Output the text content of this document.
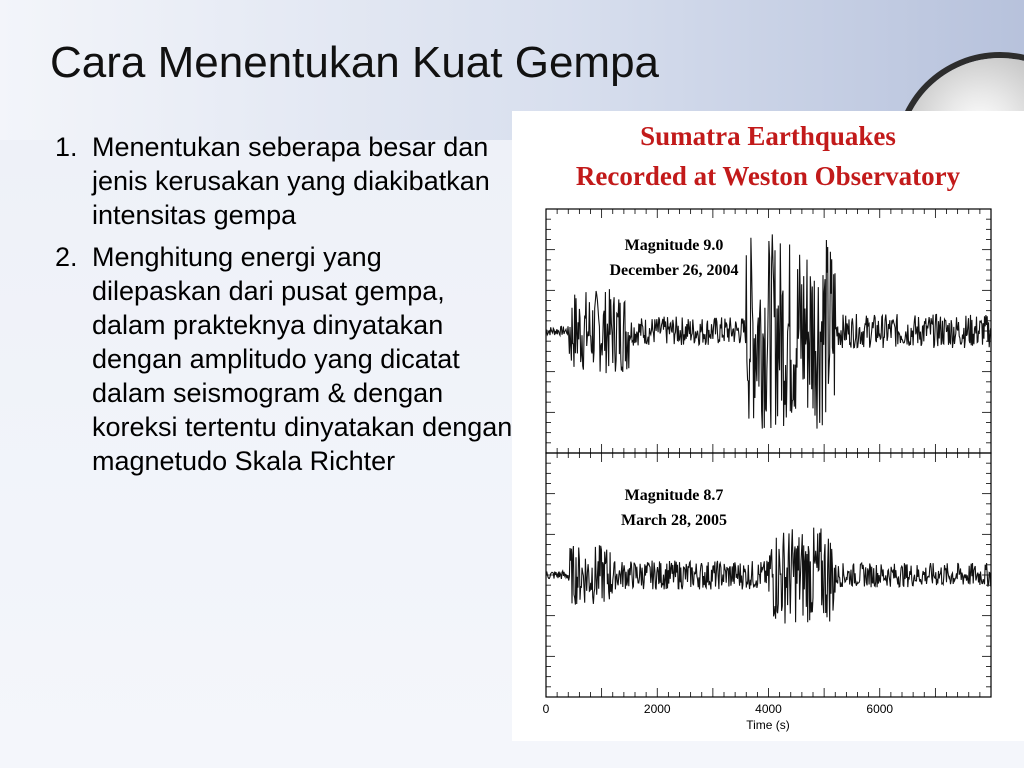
Cara Menentukan Kuat Gempa
1. Menentukan seberapa besar dan jenis kerusakan yang diakibatkan intensitas gempa
2. Menghitung energi yang dilepaskan dari pusat gempa, dalam prakteknya dinyatakan dengan amplitudo yang dicatat dalam seismogram & dengan koreksi tertentu dinyatakan dengan magnetudo Skala Richter
Sumatra Earthquakes
Recorded at Weston Observatory
Magnitude 9.0
December 26, 2004
Magnitude 8.7
March 28, 2005
0	2000	4000	6000
Time (s)
